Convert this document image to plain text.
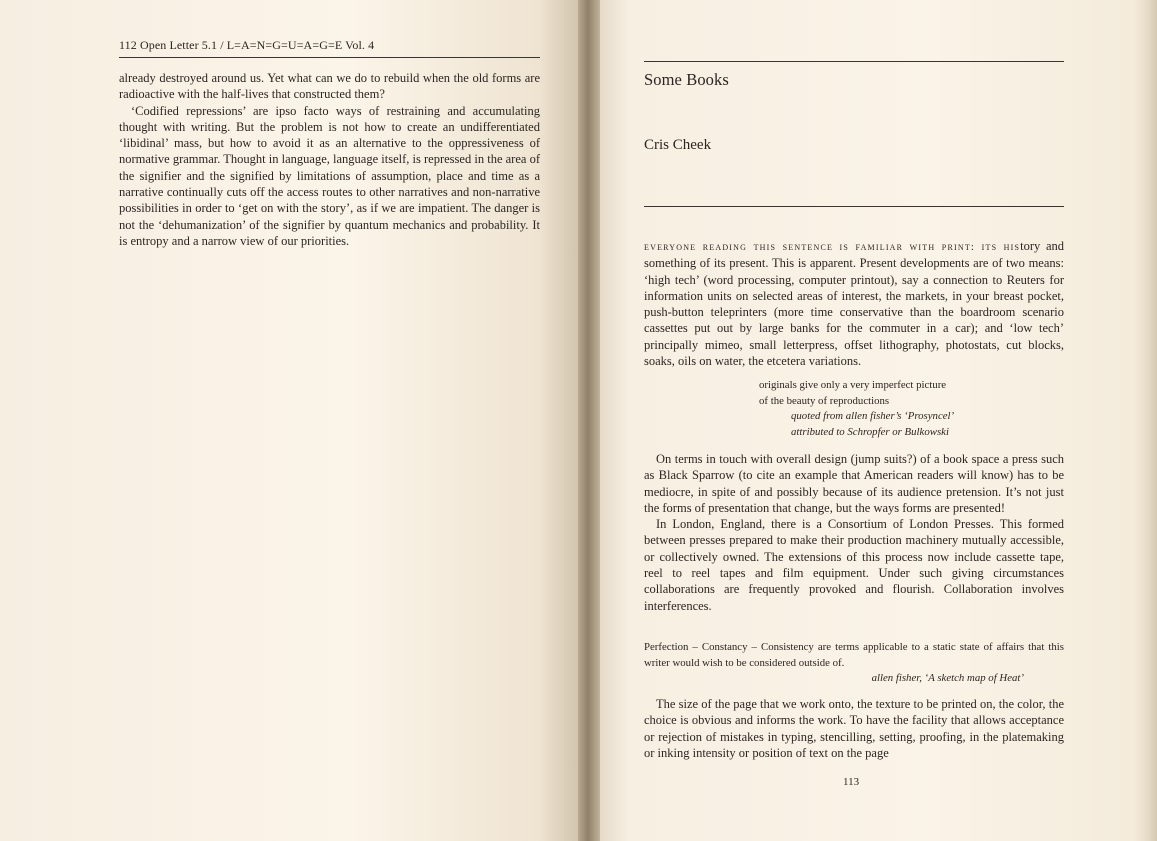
112 Open Letter 5.1 / L=A=N=G=U=A=G=E Vol. 4

already destroyed around us. Yet what can we do to rebuild when the old forms are radioactive with the half-lives that constructed them?

‘Codified repressions’ are ipso facto ways of restraining and accumulating thought with writing. But the problem is not how to create an undifferentiated ‘libidinal’ mass, but how to avoid it as an alternative to the oppressiveness of normative grammar. Thought in language, language itself, is repressed in the area of the signifier and the signified by limitations of assumption, place and time as a narrative continually cuts off the access routes to other narratives and non-narrative possibilities in order to ‘get on with the story’, as if we are impatient. The danger is not the ‘dehumanization’ of the signifier by quantum mechanics and probability. It is entropy and a narrow view of our priorities.

Some Books
Cris Cheek

everyone reading this sentence is familiar with print: its history and something of its present. This is apparent. Present developments are of two means: ‘high tech’ (word processing, computer printout), say a connection to Reuters for information units on selected areas of interest, the markets, in your breast pocket, push-button teleprinters (more time conservative than the boardroom scenario cassettes put out by large banks for the commuter in a car); and ‘low tech’ principally mimeo, small letterpress, offset lithography, photostats, cut blocks, soaks, oils on water, the etcetera variations.

originals give only a very imperfect picture
of the beauty of reproductions
quoted from allen fisher’s ‘Prosyncel’
attributed to Schropfer or Bulkowski

On terms in touch with overall design (jump suits?) of a book space a press such as Black Sparrow (to cite an example that American readers will know) has to be mediocre, in spite of and possibly because of its audience pretension. It’s not just the forms of presentation that change, but the ways forms are presented!

In London, England, there is a Consortium of London Presses. This formed between presses prepared to make their production machinery mutually accessible, or collectively owned. The extensions of this process now include cassette tape, reel to reel tapes and film equipment. Under such giving circumstances collaborations are frequently provoked and flourish. Collaboration involves interferences.

Perfection – Constancy – Consistency are terms applicable to a static state of affairs that this writer would wish to be considered outside of.
allen fisher, ‘A sketch map of Heat’

The size of the page that we work onto, the texture to be printed on, the color, the choice is obvious and informs the work. To have the facility that allows acceptance or rejection of mistakes in typing, stencilling, setting, proofing, in the platemaking or inking intensity or position of text on the page

113
